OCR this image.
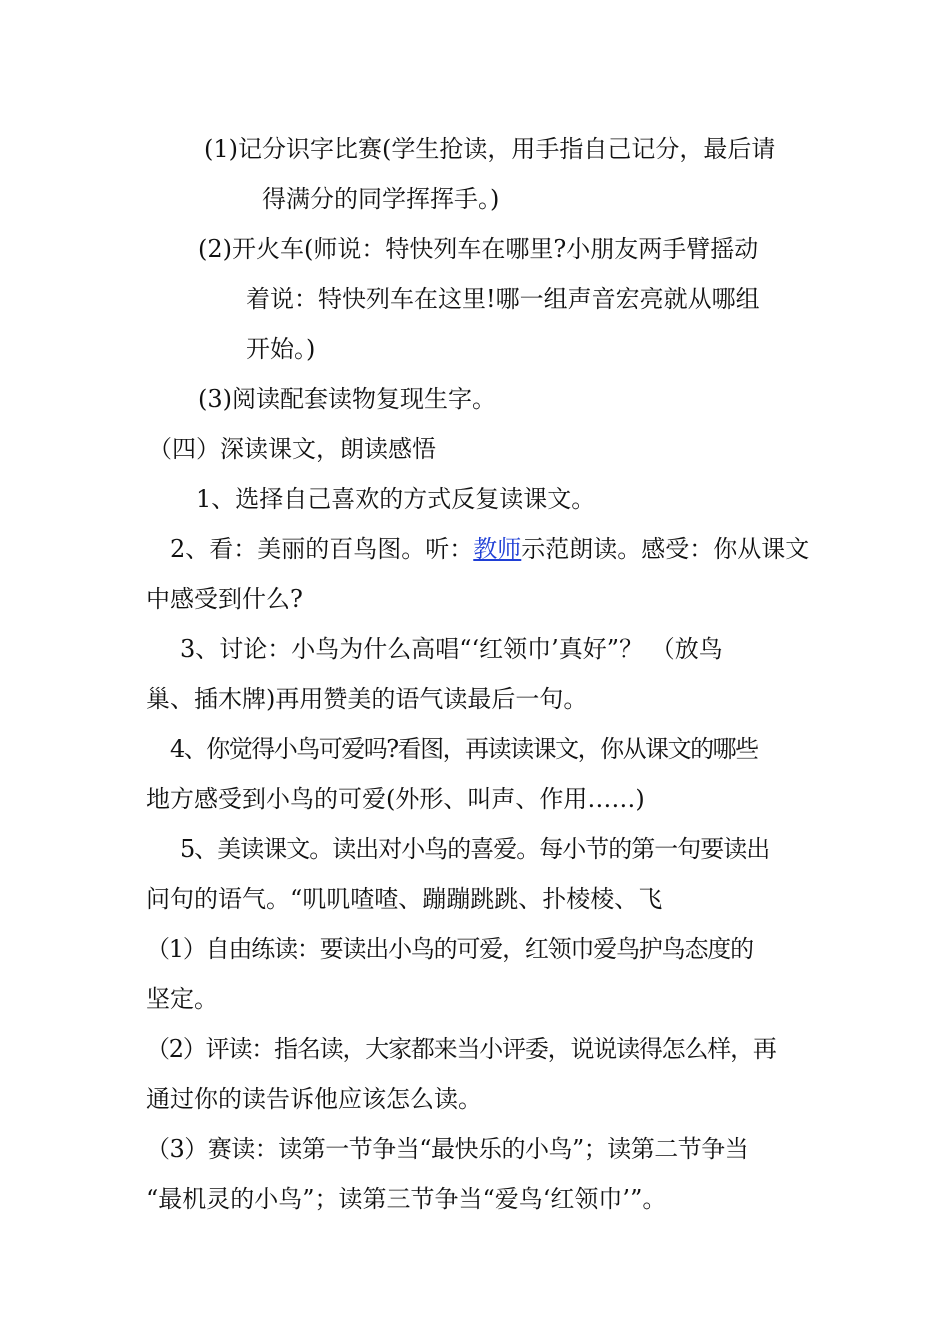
(1)记分识字比赛(学生抢读，用手指自己记分，最后请
得满分的同学挥挥手。)
(2)开火车(师说：特快列车在哪里?小朋友两手臂摇动
着说：特快列车在这里!哪一组声音宏亮就从哪组
开始。)
(3)阅读配套读物复现生字。
（四）深读课文，朗读感悟
1、选择自己喜欢的方式反复读课文。
2、看：美丽的百鸟图。听：教师示范朗读。感受：你从课文
中感受到什么?
3、讨论：小鸟为什么高唱“‘红领巾’真好”？ （放鸟
巢、插木牌)再用赞美的语气读最后一句。
4、你觉得小鸟可爱吗?看图，再读读课文，你从课文的哪些
地方感受到小鸟的可爱(外形、叫声、作用……)
5、美读课文。读出对小鸟的喜爱。每小节的第一句要读出
问句的语气。“叽叽喳喳、蹦蹦跳跳、扑棱棱、飞
（1）自由练读：要读出小鸟的可爱，红领巾爱鸟护鸟态度的
坚定。
（2）评读：指名读，大家都来当小评委，说说读得怎么样，再
通过你的读告诉他应该怎么读。
（3）赛读：读第一节争当“最快乐的小鸟”；读第二节争当
“最机灵的小鸟”；读第三节争当“爱鸟‘红领巾’”。
